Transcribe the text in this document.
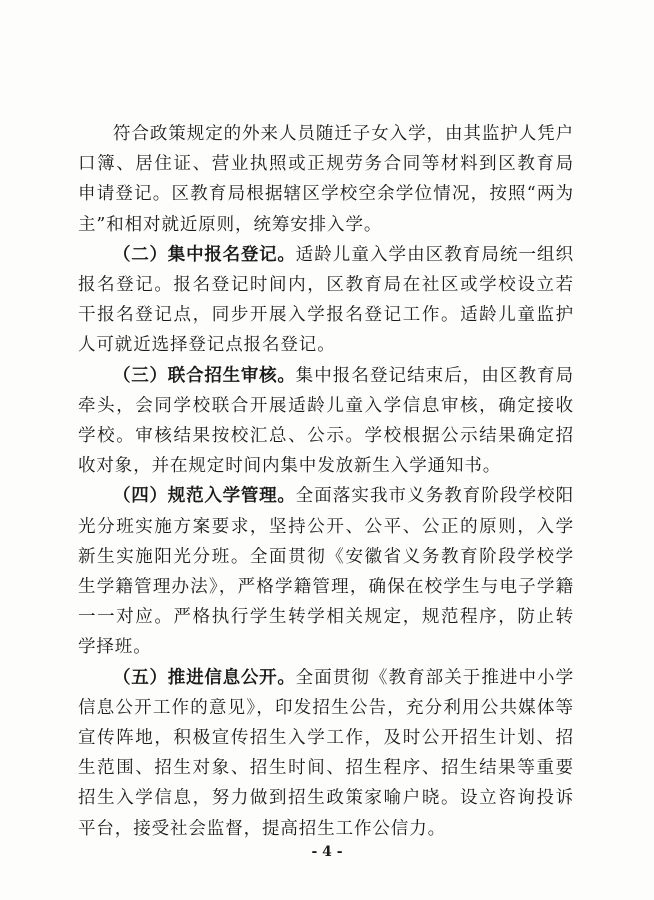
符合政策规定的外来人员随迁子女入学，由其监护人凭户口簿、居住证、营业执照或正规劳务合同等材料到区教育局申请登记。区教育局根据辖区学校空余学位情况，按照“两为主”和相对就近原则，统筹安排入学。

（二）集中报名登记。适龄儿童入学由区教育局统一组织报名登记。报名登记时间内，区教育局在社区或学校设立若干报名登记点，同步开展入学报名登记工作。适龄儿童监护人可就近选择登记点报名登记。

（三）联合招生审核。集中报名登记结束后，由区教育局牵头，会同学校联合开展适龄儿童入学信息审核，确定接收学校。审核结果按校汇总、公示。学校根据公示结果确定招收对象，并在规定时间内集中发放新生入学通知书。

（四）规范入学管理。全面落实我市义务教育阶段学校阳光分班实施方案要求，坚持公开、公平、公正的原则，入学新生实施阳光分班。全面贯彻《安徽省义务教育阶段学校学生学籍管理办法》，严格学籍管理，确保在校学生与电子学籍一一对应。严格执行学生转学相关规定，规范程序，防止转学择班。

（五）推进信息公开。全面贯彻《教育部关于推进中小学信息公开工作的意见》，印发招生公告，充分利用公共媒体等宣传阵地，积极宣传招生入学工作，及时公开招生计划、招生范围、招生对象、招生时间、招生程序、招生结果等重要招生入学信息，努力做到招生政策家喻户晓。设立咨询投诉平台，接受社会监督，提高招生工作公信力。

- 4 -
